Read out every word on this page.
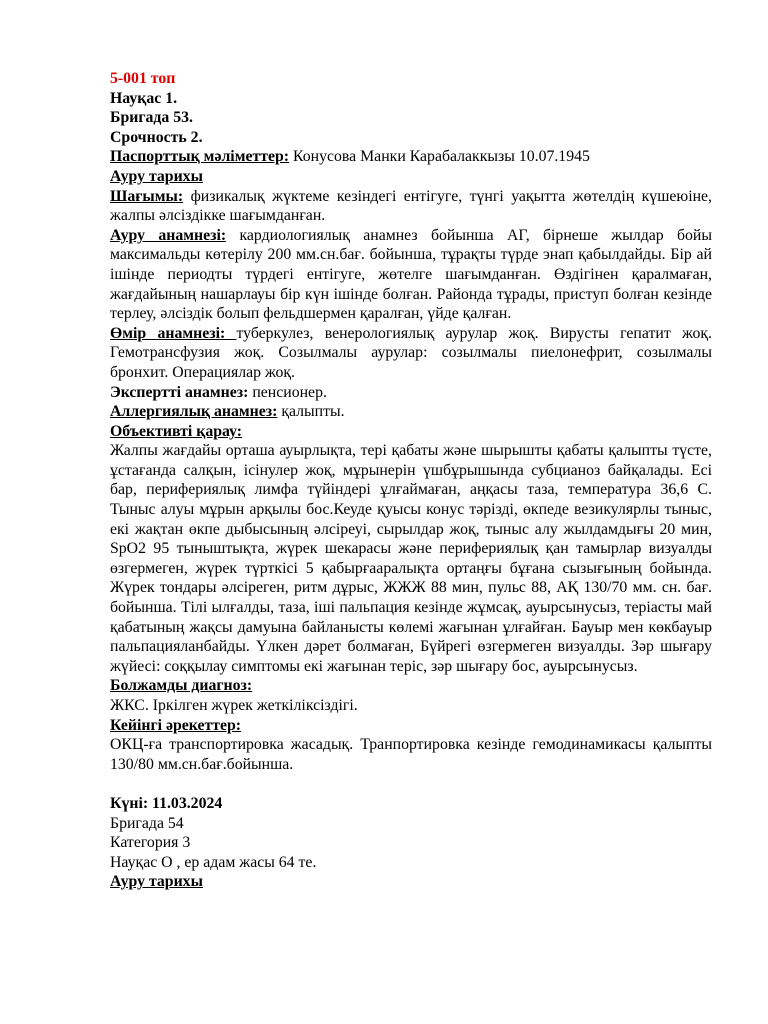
5-001 топ
Науқас 1.
Бригада 53.
Срочность 2.
Паспорттық мәліметтер: Конусова Манки Карабалаккызы 10.07.1945
Ауру тарихы
Шағымы: физикалық жүктеме кезіндегі ентігуге, түнгі уақытта жөтелдің күшеюіне, жалпы әлсіздікке шағымданған.
Ауру анамнезі: кардиологиялық анамнез бойынша АГ, бірнеше жылдар бойы максимальды көтерілу 200 мм.сн.бағ. бойынша, тұрақты түрде энап қабылдайды. Бір ай ішінде периодты түрдегі ентігуге, жөтелге шағымданған. Өздігінен қаралмаған, жағдайының нашарлауы бір күн ішінде болған. Районда тұрады, приступ болған кезінде терлеу, әлсіздік болып фельдшермен қаралған, үйде қалған.
Өмір анамнезі: туберкулез, венерологиялық аурулар жоқ. Вирусты гепатит жоқ. Гемотрансфузия жоқ. Созылмалы аурулар: созылмалы пиелонефрит, созылмалы бронхит. Операциялар жоқ.
Экспертті анамнез: пенсионер.
Аллергиялық анамнез: қалыпты.
Объективті қарау:
Жалпы жағдайы орташа ауырлықта, тері қабаты және шырышты қабаты қалыпты түсте, ұстағанда салқын, ісінулер жоқ, мұрынерін үшбұрышында субцианоз байқалады. Есі бар, перифериялық лимфа түйіндері ұлғаймаған, аңқасы таза, температура 36,6 С. Тыныс алуы мұрын арқылы бос.Кеуде қуысы конус тәрізді, өкпеде везикулярлы тыныс, екі жақтан өкпе дыбысының әлсіреуі, сырылдар жоқ, тыныс алу жылдамдығы 20 мин, SpO2 95 тыныштықта, жүрек шекарасы және перифериялық қан тамырлар визуалды өзгермеген, жүрек түрткісі 5 қабырғааралықта ортаңғы бұғана сызығының бойында. Жүрек тондары әлсіреген, ритм дұрыс, ЖЖЖ 88 мин, пульс 88, АҚ 130/70 мм. сн. бағ. бойынша. Тілі ылғалды, таза, іші пальпация кезінде жұмсақ, ауырсынусыз, теріасты май қабатының жақсы дамуына байланысты көлемі жағынан ұлғайған. Бауыр мен көкбауыр пальпацияланбайды. Үлкен дәрет болмаған, Бүйрегі өзгермеген визуалды. Зәр шығару жүйесі: соққылау симптомы екі жағынан теріс, зәр шығару бос, ауырсынусыз.
Болжамды диагноз:
ЖКС. Іркілген жүрек жеткіліксіздігі.
Кейінгі әрекеттер:
ОКЦ-ға транспортировка жасадық. Транпортировка кезінде гемодинамикасы қалыпты 130/80 мм.сн.бағ.бойынша.
Күні: 11.03.2024
Бригада 54
Категория 3
Науқас О , ер адам жасы 64 те.
Ауру тарихы
